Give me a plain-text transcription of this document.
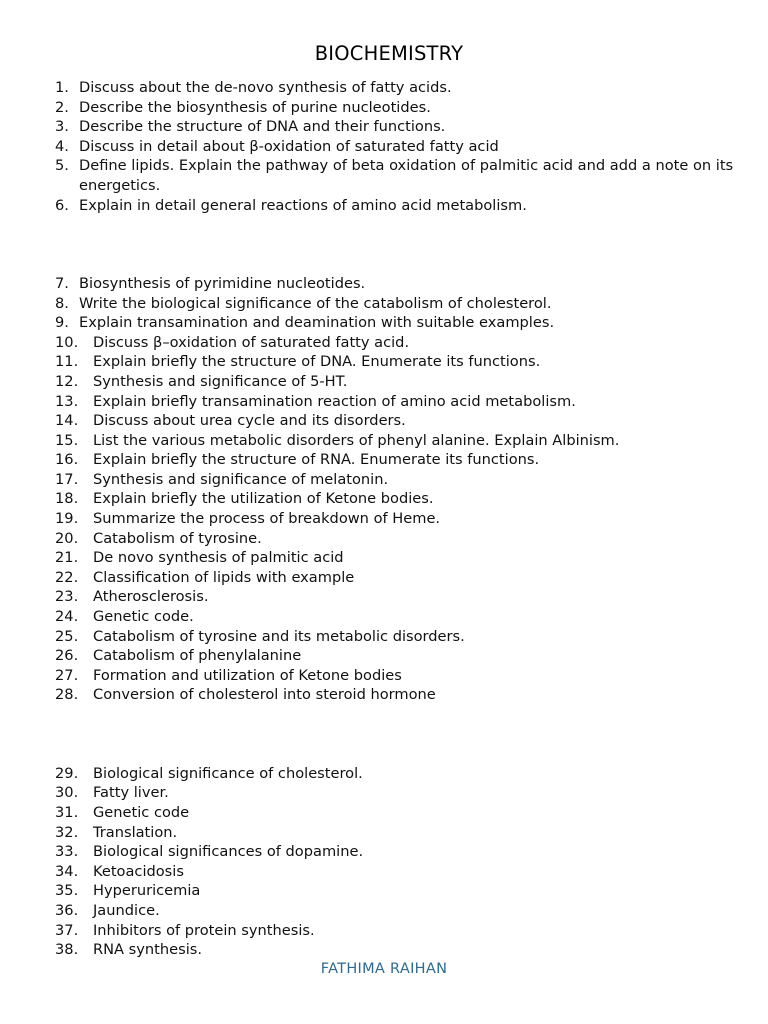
BIOCHEMISTRY
1. Discuss about the de-novo synthesis of fatty acids.
2. Describe the biosynthesis of purine nucleotides.
3. Describe the structure of DNA and their functions.
4. Discuss in detail about β-oxidation of saturated fatty acid
5. Define lipids. Explain the pathway of beta oxidation of palmitic acid and add a note on its energetics.
6. Explain in detail general reactions of amino acid metabolism.
7. Biosynthesis of pyrimidine nucleotides.
8. Write the biological significance of the catabolism of cholesterol.
9. Explain transamination and deamination with suitable examples.
10.	Discuss β–oxidation of saturated fatty acid.
11.	Explain briefly the structure of DNA. Enumerate its functions.
12.	Synthesis and significance of 5-HT.
13.	Explain briefly transamination reaction of amino acid metabolism.
14.	Discuss about urea cycle and its disorders.
15.	List the various metabolic disorders of phenyl alanine. Explain Albinism.
16.	Explain briefly the structure of RNA. Enumerate its functions.
17.	Synthesis and significance of melatonin.
18.	Explain briefly the utilization of Ketone bodies.
19.	Summarize the process of breakdown of Heme.
20.	Catabolism of tyrosine.
21.	De novo synthesis of palmitic acid
22.	Classification of lipids with example
23.	Atherosclerosis.
24.	Genetic code.
25.	Catabolism of tyrosine and its metabolic disorders.
26.	Catabolism of phenylalanine
27.	Formation and utilization of Ketone bodies
28.	Conversion of cholesterol into steroid hormone
29.	Biological significance of cholesterol.
30.	Fatty liver.
31.	Genetic code
32.	Translation.
33.	Biological significances of dopamine.
34.	Ketoacidosis
35.	Hyperuricemia
36.	Jaundice.
37.	Inhibitors of protein synthesis.
38.	RNA synthesis.
FATHIMA RAIHAN
